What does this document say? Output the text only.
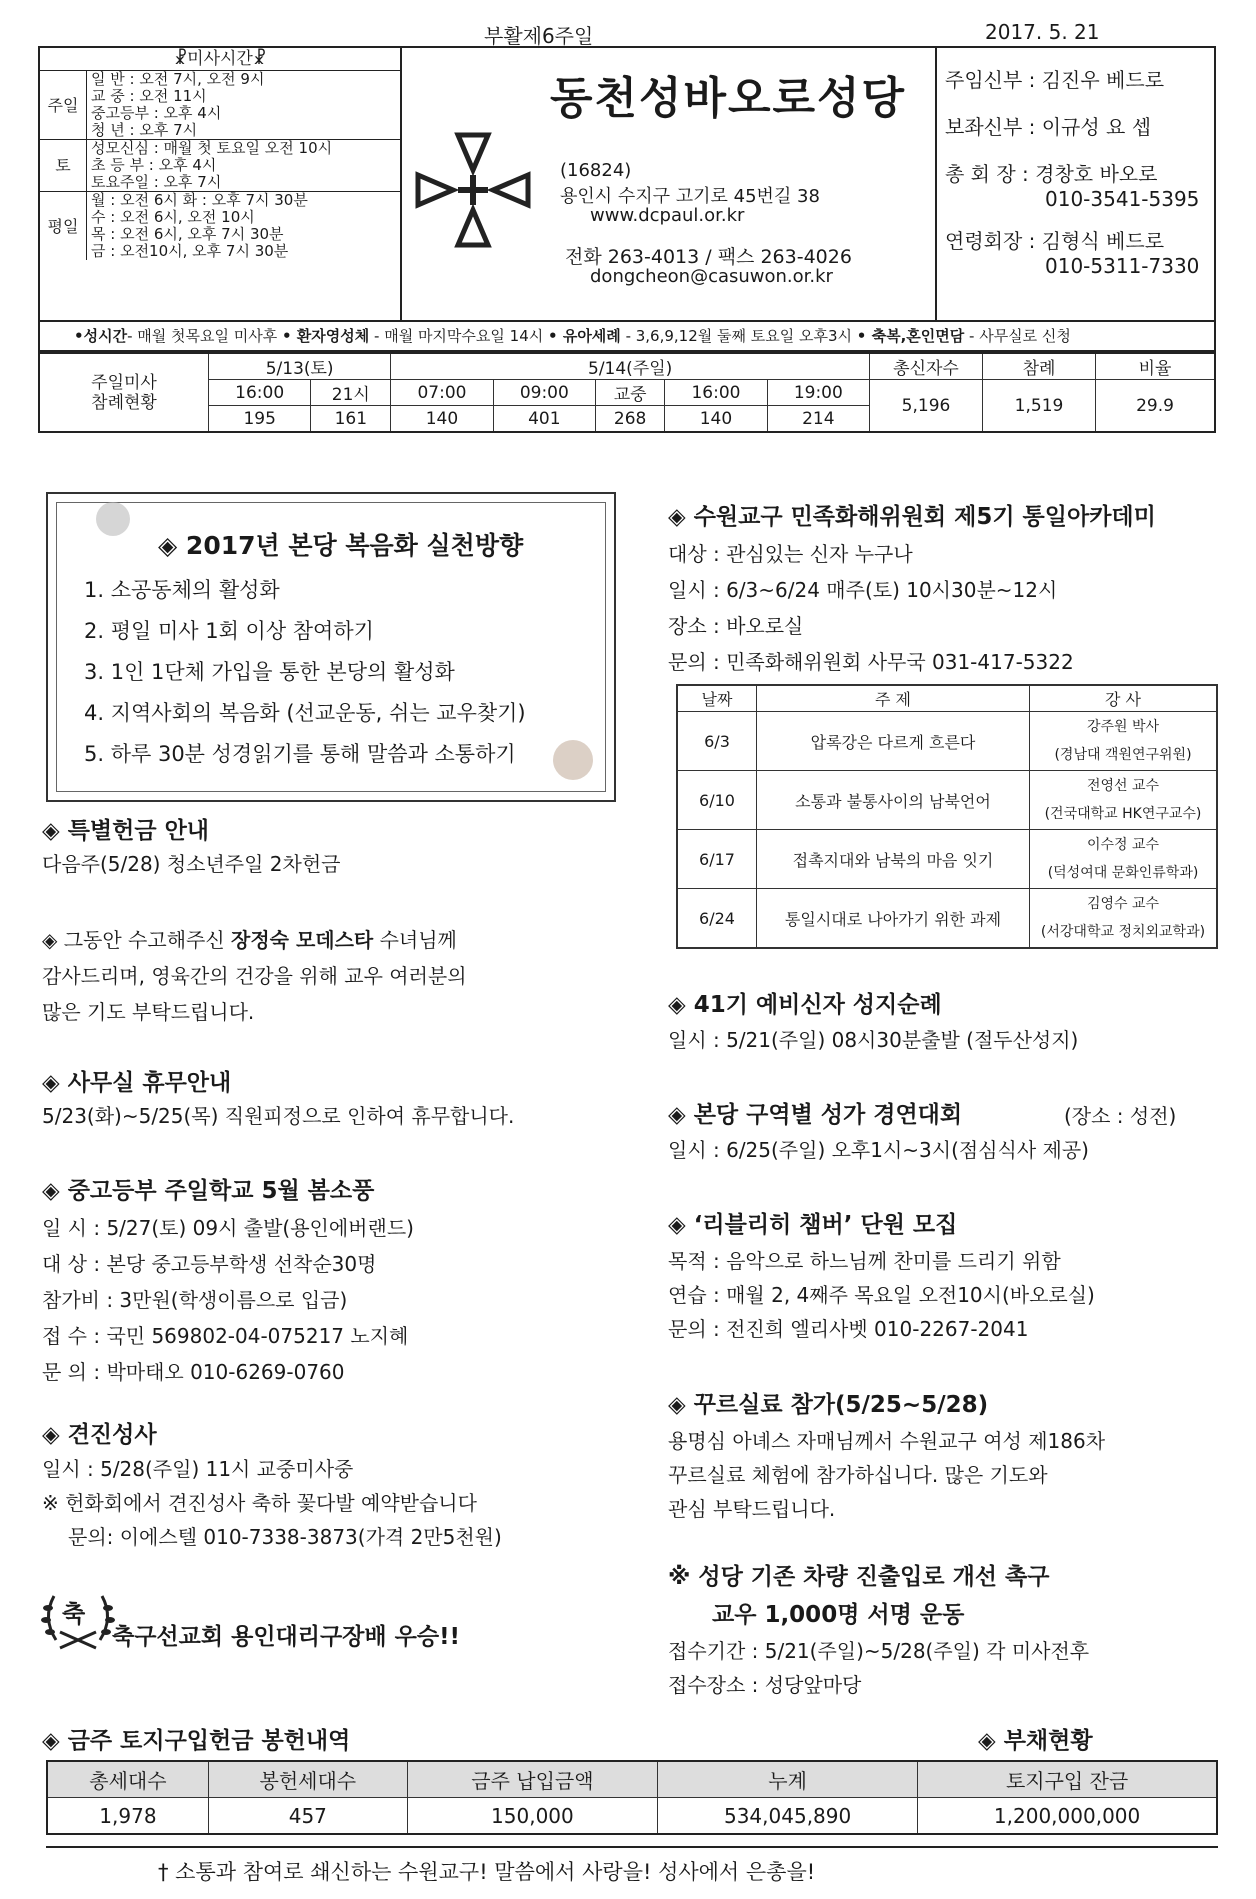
부활제6주일	2017. 5. 21
☧미사시간☧
주일	일 반 : 오전 7시, 오전 9시
	교 중 : 오전 11시
	중고등부 : 오후 4시
	청 년 : 오후 7시
토	성모신심 : 매월 첫 토요일 오전 10시
	초 등 부 : 오후 4시
	토요주일 : 오후 7시
평일	월 : 오전 6시 화 : 오후 7시 30분
	수 : 오전 6시, 오전 10시
	목 : 오전 6시, 오후 7시 30분
	금 : 오전10시, 오후 7시 30분
동천성바오로성당
(16824)
용인시 수지구 고기로 45번길 38
www.dcpaul.or.kr
전화 263-4013 / 팩스 263-4026
dongcheon@casuwon.or.kr
주임신부 : 김진우 베드로
보좌신부 : 이규성 요 셉
총 회 장 : 경창호 바오로
010-3541-5395
연령회장 : 김형식 베드로
010-5311-7330
•성시간- 매월 첫목요일 미사후 • 환자영성체 - 매월 마지막수요일 14시 • 유아세례 - 3,6,9,12월 둘째 토요일 오후3시 • 축복,혼인면담 - 사무실로 신청
주일미사
참례현황	5/13(토)		5/14(주일)					총신자수	참례	비율
	16:00	21시	07:00	09:00	교중	16:00	19:00	5,196	1,519	29.9
	195	161	140	401	268	140	214			
◈ 2017년 본당 복음화 실천방향
1. 소공동체의 활성화
2. 평일 미사 1회 이상 참여하기
3. 1인 1단체 가입을 통한 본당의 활성화
4. 지역사회의 복음화 (선교운동, 쉬는 교우찾기)
5. 하루 30분 성경읽기를 통해 말씀과 소통하기
◈ 특별헌금 안내
다음주(5/28) 청소년주일 2차헌금
◈ 그동안 수고해주신 장정숙 모데스타 수녀님께
감사드리며, 영육간의 건강을 위해 교우 여러분의
많은 기도 부탁드립니다.
◈ 사무실 휴무안내
5/23(화)~5/25(목) 직원피정으로 인하여 휴무합니다.
◈ 중고등부 주일학교 5월 봄소풍
일 시 : 5/27(토) 09시 출발(용인에버랜드)
대 상 : 본당 중고등부학생 선착순30명
참가비 : 3만원(학생이름으로 입금)
접 수 : 국민 569802-04-075217 노지혜
문 의 : 박마태오 010-6269-0760
◈ 견진성사
일시 : 5/28(주일) 11시 교중미사중
※ 헌화회에서 견진성사 축하 꽃다발 예약받습니다
문의: 이에스텔 010-7338-3873(가격 2만5천원)
축
축구선교회 용인대리구장배 우승!!
◈ 수원교구 민족화해위원회 제5기 통일아카데미
대상 : 관심있는 신자 누구나
일시 : 6/3~6/24 매주(토) 10시30분~12시
장소 : 바오로실
문의 : 민족화해위원회 사무국 031-417-5322
날짜	주 제	강 사
6/3	압록강은 다르게 흐른다	강주원 박사
(경남대 객원연구위원)

6/10	소통과 불통사이의 남북언어	전영선 교수
(건국대학교 HK연구교수)

6/17	접촉지대와 남북의 마음 잇기	이수정 교수
(덕성여대 문화인류학과)

6/24	통일시대로 나아가기 위한 과제	김영수 교수
(서강대학교 정치외교학과)
◈ 41기 예비신자 성지순례
일시 : 5/21(주일) 08시30분출발 (절두산성지)
◈ 본당 구역별 성가 경연대회	(장소 : 성전)
일시 : 6/25(주일) 오후1시~3시(점심식사 제공)
◈ ‘리블리히 챔버’ 단원 모집
목적 : 음악으로 하느님께 찬미를 드리기 위함
연습 : 매월 2, 4째주 목요일 오전10시(바오로실)
문의 : 전진희 엘리사벳 010-2267-2041
◈ 꾸르실료 참가(5/25~5/28)
용명심 아녜스 자매님께서 수원교구 여성 제186차
꾸르실료 체험에 참가하십니다. 많은 기도와
관심 부탁드립니다.
※ 성당 기존 차량 진출입로 개선 촉구
교우 1,000명 서명 운동
접수기간 : 5/21(주일)~5/28(주일) 각 미사전후
접수장소 : 성당앞마당
◈ 금주 토지구입헌금 봉헌내역	◈ 부채현황
총세대수	봉헌세대수	금주 납입금액	누계	토지구입 잔금
1,978	457	150,000	534,045,890	1,200,000,000
† 소통과 참여로 쇄신하는 수원교구! 말씀에서 사랑을! 성사에서 은총을!
